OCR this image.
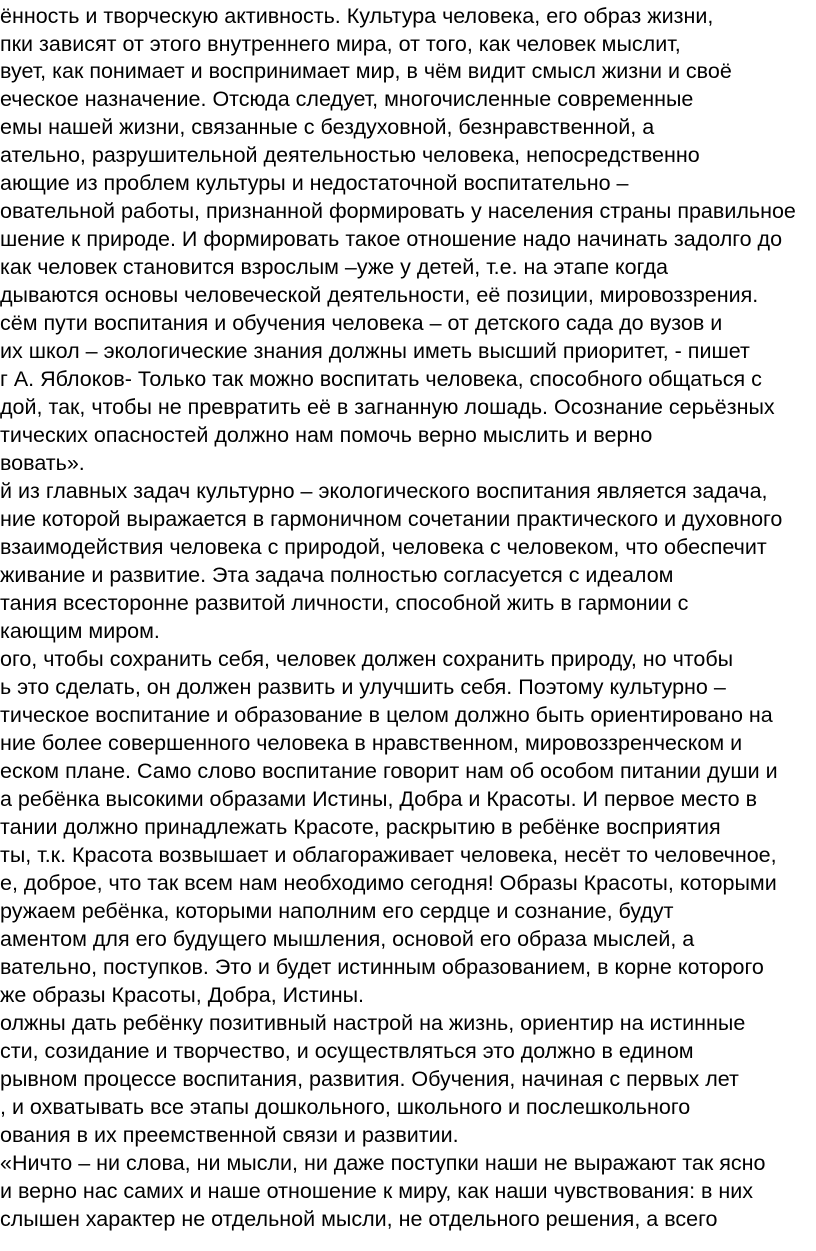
ённость и творческую активность. Культура человека, его образ жизни,
пки зависят от этого внутреннего мира, от того, как человек мыслит,
вует, как понимает и воспринимает мир, в чём видит смысл жизни и своё
еческое назначение. Отсюда следует, многочисленные современные
емы нашей жизни, связанные с бездуховной, безнравственной, а
ательно, разрушительной деятельностью человека, непосредственно
ающие из проблем культуры и недостаточной воспитательно –
овательной работы, признанной формировать у населения страны правильное
шение к природе. И формировать такое отношение надо начинать задолго до
как человек становится взрослым –уже у детей, т.е. на этапе когда
дываются основы человеческой деятельности, её позиции, мировоззрения.
сём пути воспитания и обучения человека – от детского сада до вузов и
их школ – экологические знания должны иметь высший приоритет, - пишет
г А. Яблоков- Только так можно воспитать человека, способного общаться с
дой, так, чтобы не превратить её в загнанную лошадь. Осознание серьёзных
тических опасностей должно нам помочь верно мыслить и верно
вовать».
й из главных задач культурно – экологического воспитания является задача,
ние которой выражается в гармоничном сочетании практического и духовного
взаимодействия человека с природой, человека с человеком, что обеспечит
живание и развитие. Эта задача полностью согласуется с идеалом
тания всесторонне развитой личности, способной жить в гармонии с
кающим миром.
ого, чтобы сохранить себя, человек должен сохранить природу, но чтобы
ь это сделать, он должен развить и улучшить себя. Поэтому культурно –
тическое воспитание и образование в целом должно быть ориентировано на
ние более совершенного человека в нравственном, мировоззренческом и
еском плане. Само слово воспитание говорит нам об особом питании души и
а ребёнка высокими образами Истины, Добра и Красоты. И первое место в
тании должно принадлежать Красоте, раскрытию в ребёнке восприятия
ты, т.к. Красота возвышает и облагораживает человека, несёт то человечное,
е, доброе, что так всем нам необходимо сегодня! Образы Красоты, которыми
ружаем ребёнка, которыми наполним его сердце и сознание, будут
аментом для его будущего мышления, основой его образа мыслей, а
вательно, поступков. Это и будет истинным образованием, в корне которого
же образы Красоты, Добра, Истины.
олжны дать ребёнку позитивный настрой на жизнь, ориентир на истинные
сти, созидание и творчество, и осуществляться это должно в едином
рывном процессе воспитания, развития. Обучения, начиная с первых лет
, и охватывать все этапы дошкольного, школьного и послешкольного
ования в их преемственной связи и развитии.
«Ничто – ни слова, ни мысли, ни даже поступки наши не выражают так ясно
и верно нас самих и наше отношение к миру, как наши чувствования: в них
слышен характер не отдельной мысли, не отдельного решения, а всего
